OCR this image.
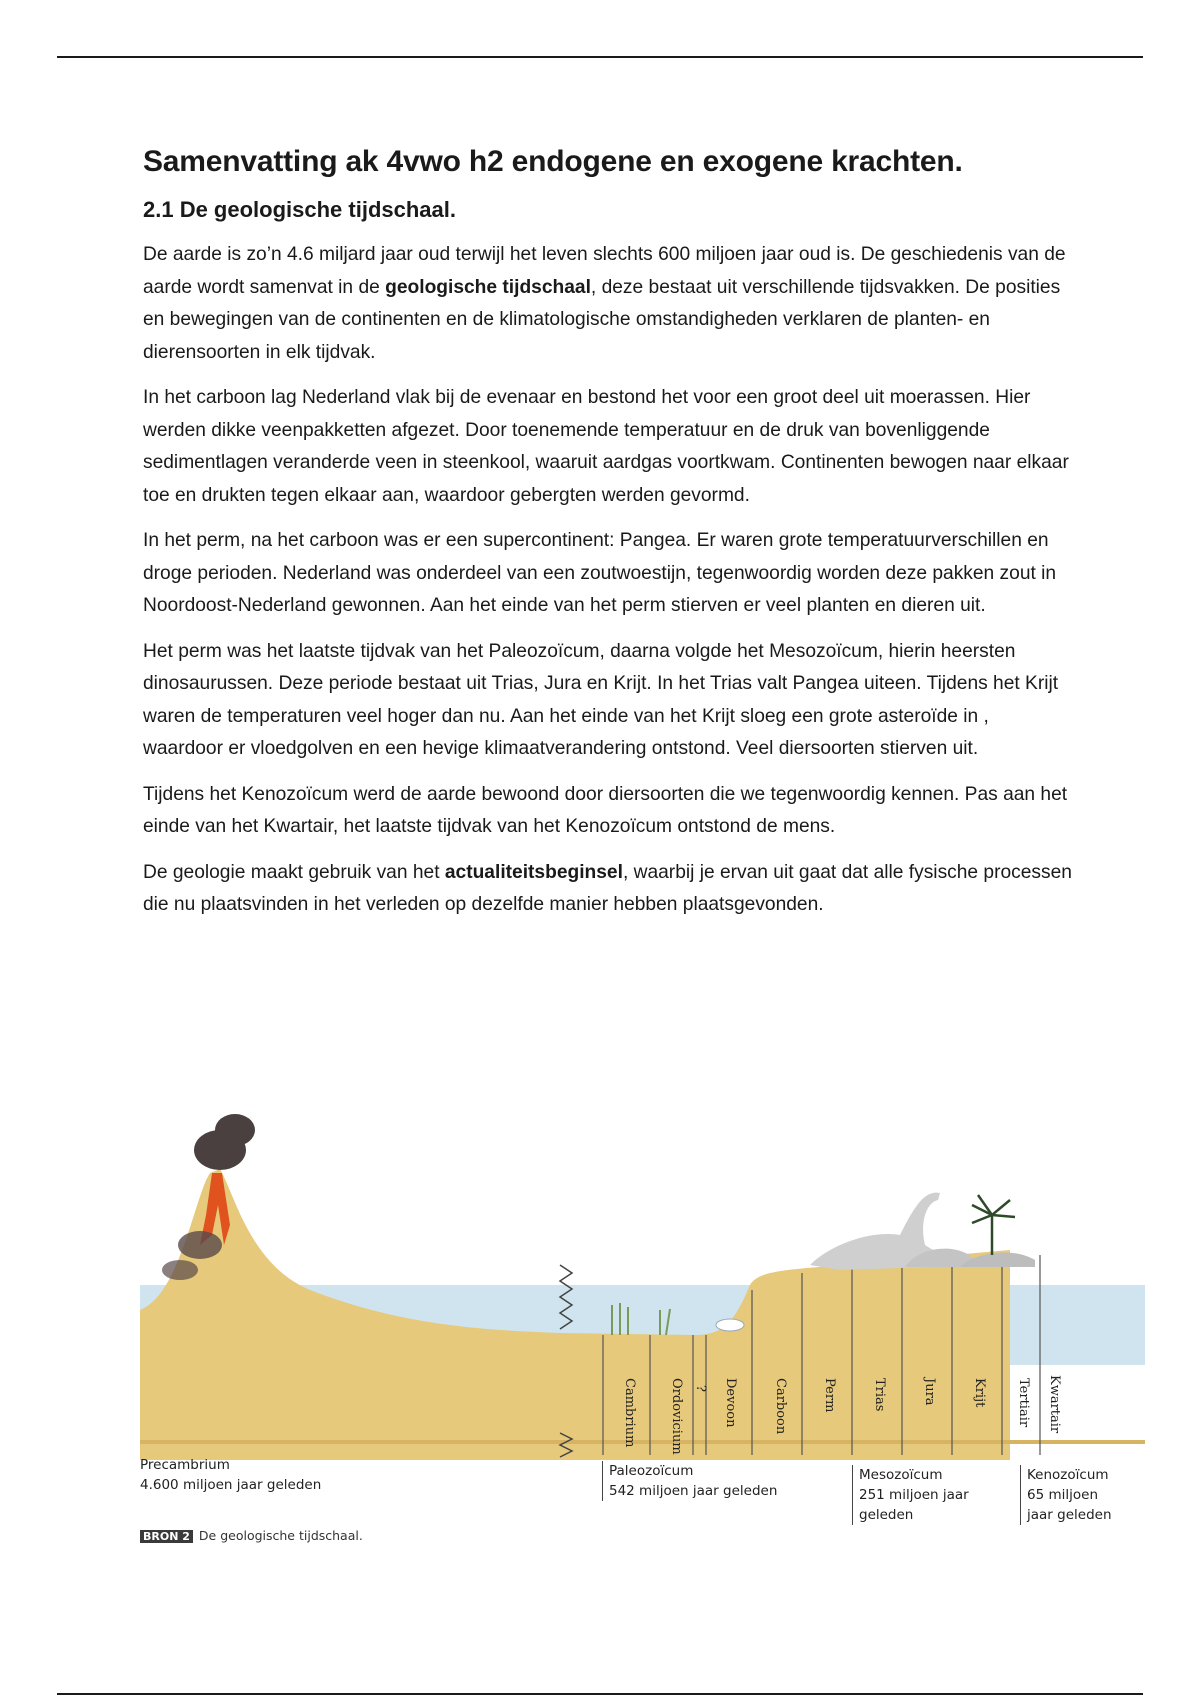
Samenvatting ak 4vwo h2 endogene en exogene krachten.
2.1 De geologische tijdschaal.

De aarde is zo’n 4.6 miljard jaar oud terwijl het leven slechts 600 miljoen jaar oud is. De geschiedenis van de aarde wordt samenvat in de geologische tijdschaal, deze bestaat uit verschillende tijdsvakken. De posities en bewegingen van de continenten en de klimatologische omstandigheden verklaren de planten- en dierensoorten in elk tijdvak.

In het carboon lag Nederland vlak bij de evenaar en bestond het voor een groot deel uit moerassen. Hier werden dikke veenpakketten afgezet. Door toenemende temperatuur en de druk van bovenliggende sedimentlagen veranderde veen in steenkool, waaruit aardgas voortkwam. Continenten bewogen naar elkaar toe en drukten tegen elkaar aan, waardoor gebergten werden gevormd.

In het perm, na het carboon was er een supercontinent: Pangea. Er waren grote temperatuurverschillen en droge perioden. Nederland was onderdeel van een zoutwoestijn, tegenwoordig worden deze pakken zout in Noordoost-Nederland gewonnen. Aan het einde van het perm stierven er veel planten en dieren uit.

Het perm was het laatste tijdvak van het Paleozoïcum, daarna volgde het Mesozoïcum, hierin heersten dinosaurussen. Deze periode bestaat uit Trias, Jura en Krijt. In het Trias valt Pangea uiteen. Tijdens het Krijt waren de temperaturen veel hoger dan nu. Aan het einde van het Krijt sloeg een grote asteroïde in , waardoor er vloedgolven en een hevige klimaatverandering ontstond. Veel diersoorten stierven uit.

Tijdens het Kenozoïcum werd de aarde bewoond door diersoorten die we tegenwoordig kennen. Pas aan het einde van het Kwartair, het laatste tijdvak van het Kenozoïcum ontstond de mens.

De geologie maakt gebruik van het actualiteitsbeginsel, waarbij je ervan uit gaat dat alle fysische processen die nu plaatsvinden in het verleden op dezelfde manier hebben plaatsgevonden.

Cambrium Ordovicium ? Devoon	Carboon	Perm	Trias	Jura	Krijt Tertiair Kwartair
Precambrium
4.600 miljoen jaar geleden
Paleozoïcum
542 miljoen jaar geleden
Mesozoïcum
251 miljoen jaar
geleden
Kenozoïcum
65 miljoen
jaar geleden
BRON 2 De geologische tijdschaal.
